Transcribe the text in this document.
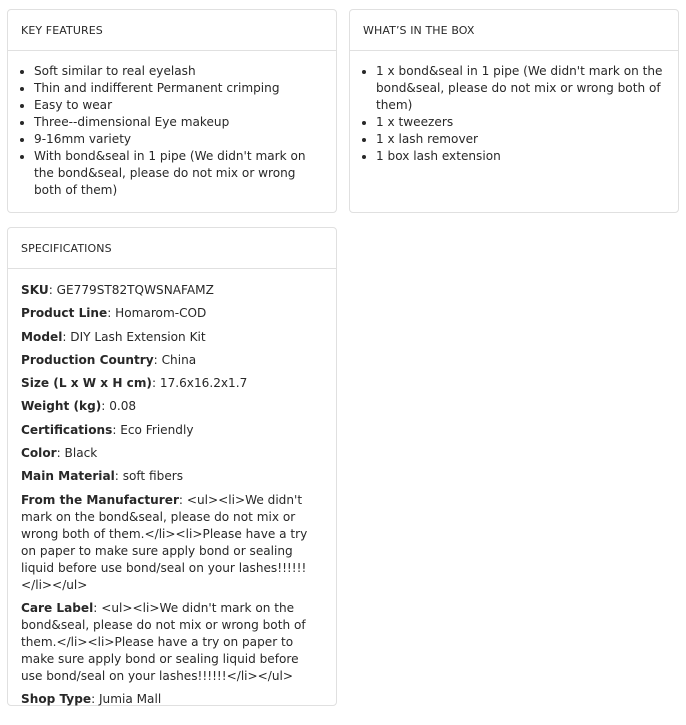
KEY FEATURES
• Soft similar to real eyelash
• Thin and indifferent Permanent crimping
• Easy to wear
• Three--dimensional Eye makeup
• 9-16mm variety
• With bond&seal in 1 pipe (We didn't mark on the bond&seal, please do not mix or wrong both of them)
WHAT’S IN THE BOX
• 1 x bond&seal in 1 pipe (We didn't mark on the bond&seal, please do not mix or wrong both of them)
• 1 x tweezers
• 1 x lash remover
• 1 box lash extension
SPECIFICATIONS
SKU: GE779ST82TQWSNAFAMZ
Product Line: Homarom-COD
Model: DIY Lash Extension Kit
Production Country: China
Size (L x W x H cm): 17.6x16.2x1.7
Weight (kg): 0.08
Certifications: Eco Friendly
Color: Black
Main Material: soft fibers
From the Manufacturer: <ul><li>We didn't mark on the bond&seal, please do not mix or wrong both of them.</li><li>Please have a try on paper to make sure apply bond or sealing liquid before use bond/seal on your lashes!!!!!!</li></ul>
Care Label: <ul><li>We didn't mark on the bond&seal, please do not mix or wrong both of them.</li><li>Please have a try on paper to make sure apply bond or sealing liquid before use bond/seal on your lashes!!!!!!</li></ul>
Shop Type: Jumia Mall
